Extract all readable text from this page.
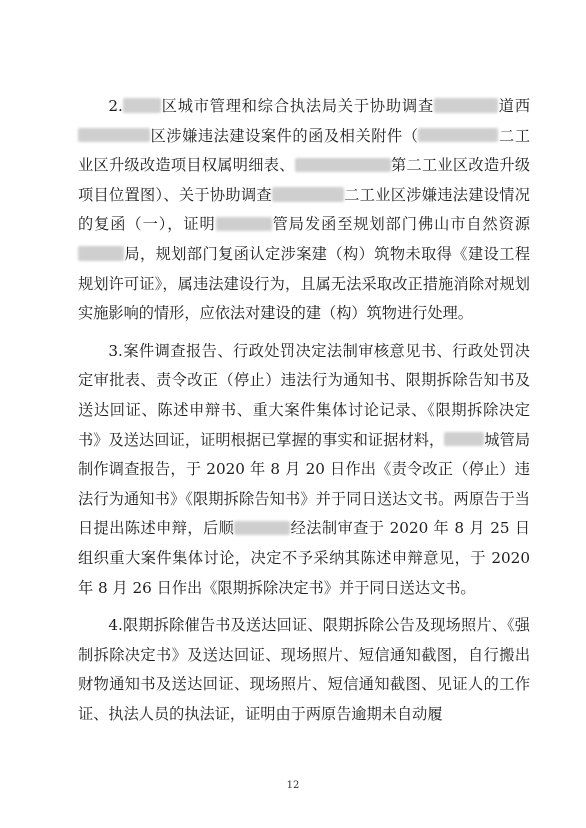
2.	区城市管理和综合执法局关于协助调查	道西区涉嫌违法建设案件的函及相关附件（	二工业区升级改造项目权属明细表、	第二工业区改造升级项目位置图）、关于协助调查	二工业区涉嫌违法建设情况的复函（一），证明	管局发函至规划部门佛山市自然资源局，规划部门复函认定涉案建（构）筑物未取得《建设工程规划许可证》，属违法建设行为，且属无法采取改正措施消除对规划实施影响的情形，应依法对建设的建（构）筑物进行处理。

3.案件调查报告、行政处罚决定法制审核意见书、行政处罚决定审批表、责令改正（停止）违法行为通知书、限期拆除告知书及送达回证、陈述申辩书、重大案件集体讨论记录、《限期拆除决定书》及送达回证，证明根据已掌握的事实和证据材料，	城管局制作调查报告，于 2020 年 8 月 20 日作出《责令改正（停止）违法行为通知书》《限期拆除告知书》并于同日送达文书。两原告于当日提出陈述申辩，后顺	经法制审查于 2020 年 8 月 25 日组织重大案件集体讨论，决定不予采纳其陈述申辩意见，于 2020 年 8 月 26 日作出《限期拆除决定书》并于同日送达文书。

4.限期拆除催告书及送达回证、限期拆除公告及现场照片、《强制拆除决定书》及送达回证、现场照片、短信通知截图，自行搬出财物通知书及送达回证、现场照片、短信通知截图、见证人的工作证、执法人员的执法证，证明由于两原告逾期未自动履

12
